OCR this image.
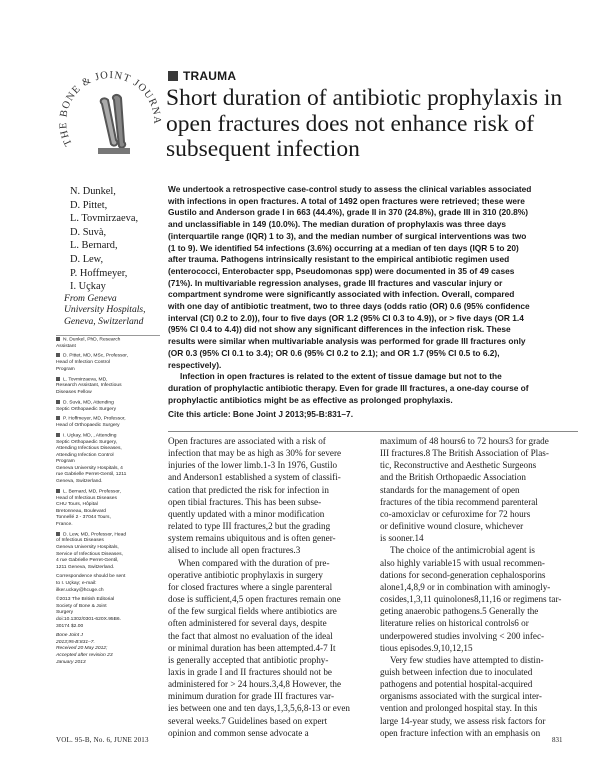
THE BONE & JOINT JOURNA
TRAUMA
Short duration of antibiotic prophylaxis in
open fractures does not enhance risk of
subsequent infection
N. Dunkel,
D. Pittet,
L. Tovmirzaeva,
D. Suvà,
L. Bernard,
D. Lew,
P. Hoffmeyer,
I. Uçkay
From Geneva
University Hospitals,
Geneva, Switzerland
N. Dunkel, PhD, Research
Assistant
D. Pittet, MD, MSc, Professor,
Head of Infection Control
Program
L. Tovmirzaeva, MD,
Research Assistant, Infectious
Diseases Fellow
D. Suvà, MD, Attending
Septic Orthopaedic Surgery
P. Hoffmeyer, MD, Professor,
Head of Orthopaedic Surgery
I. Uçkay, MD, , Attending
Septic Orthopaedic Surgery,
Attending Infectious Diseases,
Attending Infection Control
Program
Geneva University Hospitals, 4
rue Gabrielle Perret-Gentil, 1211
Geneva, Switzerland.
L. Bernard, MD, Professor,
Head of Infectious Diseases
CHU Tours, Hôpital
Bretonneau, Boulevard
Tonnellé 2 - 37044 Tours,
France.
D. Lew, MD, Professor, Head
of Infectious Diseases
Geneva University Hospitals,
Service of Infectious Diseases,
4 rue Gabrielle Perret-Gentil,
1211 Geneva, Switzerland.
Correspondence should be sent
to I. Uçkay; e-mail:
ilker.uckay@hcuge.ch
©2013 The British Editorial
Society of Bone & Joint
Surgery
doi:10.1302/0301-620X.95B6.
30174 $2.00
Bone Joint J
2013;95-B:831–7.
Received 20 May 2012;
Accepted after revision 23
January 2013
We undertook a retrospective case-control study to assess the clinical variables associated
with infections in open fractures. A total of 1492 open fractures were retrieved; these were
Gustilo and Anderson grade I in 663 (44.4%), grade II in 370 (24.8%), grade III in 310 (20.8%)
and unclassifiable in 149 (10.0%). The median duration of prophylaxis was three days
(interquartile range (IQR) 1 to 3), and the median number of surgical interventions was two
(1 to 9). We identified 54 infections (3.6%) occurring at a median of ten days (IQR 5 to 20)
after trauma. Pathogens intrinsically resistant to the empirical antibiotic regimen used
(enterococci, Enterobacter spp, Pseudomonas spp) were documented in 35 of 49 cases
(71%). In multivariable regression analyses, grade III fractures and vascular injury or
compartment syndrome were significantly associated with infection. Overall, compared
with one day of antibiotic treatment, two to three days (odds ratio (OR) 0.6 (95% confidence
interval (CI) 0.2 to 2.0)), four to five days (OR 1.2 (95% CI 0.3 to 4.9)), or > five days (OR 1.4
(95% CI 0.4 to 4.4)) did not show any significant differences in the infection risk. These
results were similar when multivariable analysis was performed for grade III fractures only
(OR 0.3 (95% CI 0.1 to 3.4); OR 0.6 (95% CI 0.2 to 2.1); and OR 1.7 (95% CI 0.5 to 6.2),
respectively).
Infection in open fractures is related to the extent of tissue damage but not to the
duration of prophylactic antibiotic therapy. Even for grade III fractures, a one-day course of
prophylactic antibiotics might be as effective as prolonged prophylaxis.
Cite this article: Bone Joint J 2013;95-B:831–7.
Open fractures are associated with a risk of
infection that may be as high as 30% for severe
injuries of the lower limb.1-3 In 1976, Gustilo
and Anderson1 established a system of classifi-
cation that predicted the risk for infection in
open tibial fractures. This has been subse-
quently updated with a minor modification
related to type III fractures,2 but the grading
system remains ubiquitous and is often gener-
alised to include all open fractures.3
When compared with the duration of pre-
operative antibiotic prophylaxis in surgery
for closed fractures where a single parenteral
dose is sufficient,4,5 open fractures remain one
of the few surgical fields where antibiotics are
often administered for several days, despite
the fact that almost no evaluation of the ideal
or minimal duration has been attempted.4-7 It
is generally accepted that antibiotic prophy-
laxis in grade I and II fractures should not be
administered for > 24 hours.3,4,8 However, the
minimum duration for grade III fractures var-
ies between one and ten days,1,3,5,6,8-13 or even
several weeks.7 Guidelines based on expert
opinion and common sense advocate a
maximum of 48 hours6 to 72 hours3 for grade
III fractures.8 The British Association of Plas-
tic, Reconstructive and Aesthetic Surgeons
and the British Orthopaedic Association
standards for the management of open
fractures of the tibia recommend parenteral
co-amoxiclav or cefuroxime for 72 hours
or definitive wound closure, whichever
is sooner.14
The choice of the antimicrobial agent is
also highly variable15 with usual recommen-
dations for second-generation cephalosporins
alone1,4,8,9 or in combination with aminogly-
cosides,1,3,11 quinolones8,11,16 or regimens tar-
geting anaerobic pathogens.5 Generally the
literature relies on historical controls6 or
underpowered studies involving < 200 infec-
tious episodes.9,10,12,15
Very few studies have attempted to distin-
guish between infection due to inoculated
pathogens and potential hospital-acquired
organisms associated with the surgical inter-
vention and prolonged hospital stay. In this
large 14-year study, we assess risk factors for
open fracture infection with an emphasis on
VOL. 95-B, No. 6, JUNE 2013	831
